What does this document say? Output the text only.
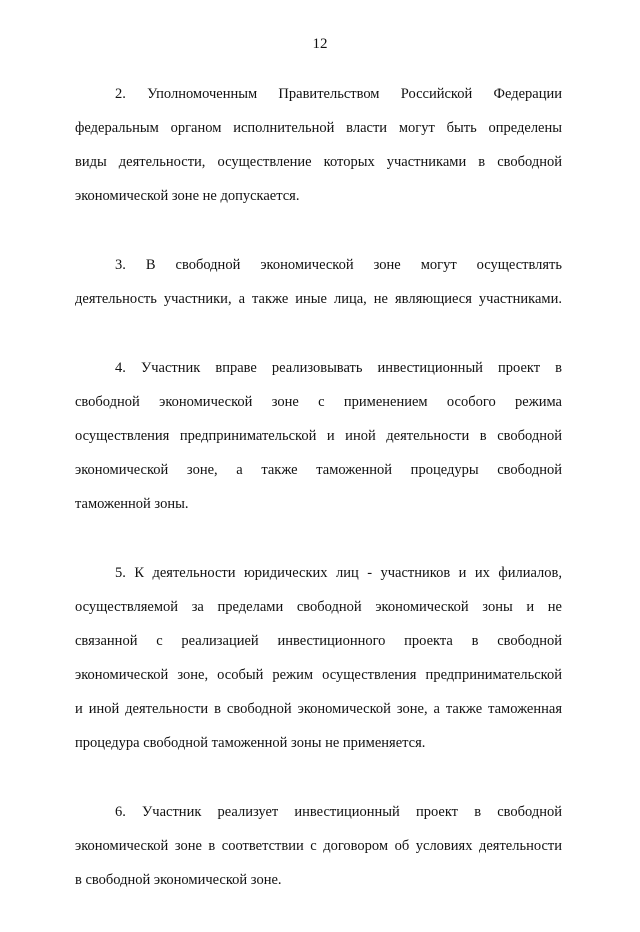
12
2. Уполномоченным Правительством Российской Федерации
федеральным органом исполнительной власти могут быть определены
виды деятельности, осуществление которых участниками в свободной
экономической зоне не допускается.
3. В свободной экономической зоне могут осуществлять
деятельность участники, а также иные лица, не являющиеся участниками.
4. Участник вправе реализовывать инвестиционный проект в
свободной экономической зоне с применением особого режима
осуществления предпринимательской и иной деятельности в свободной
экономической зоне, а также таможенной процедуры свободной
таможенной зоны.
5. К деятельности юридических лиц - участников и их филиалов,
осуществляемой за пределами свободной экономической зоны и не
связанной с реализацией инвестиционного проекта в свободной
экономической зоне, особый режим осуществления предпринимательской
и иной деятельности в свободной экономической зоне, а также таможенная
процедура свободной таможенной зоны не применяется.
6. Участник реализует инвестиционный проект в свободной
экономической зоне в соответствии с договором об условиях деятельности
в свободной экономической зоне.
